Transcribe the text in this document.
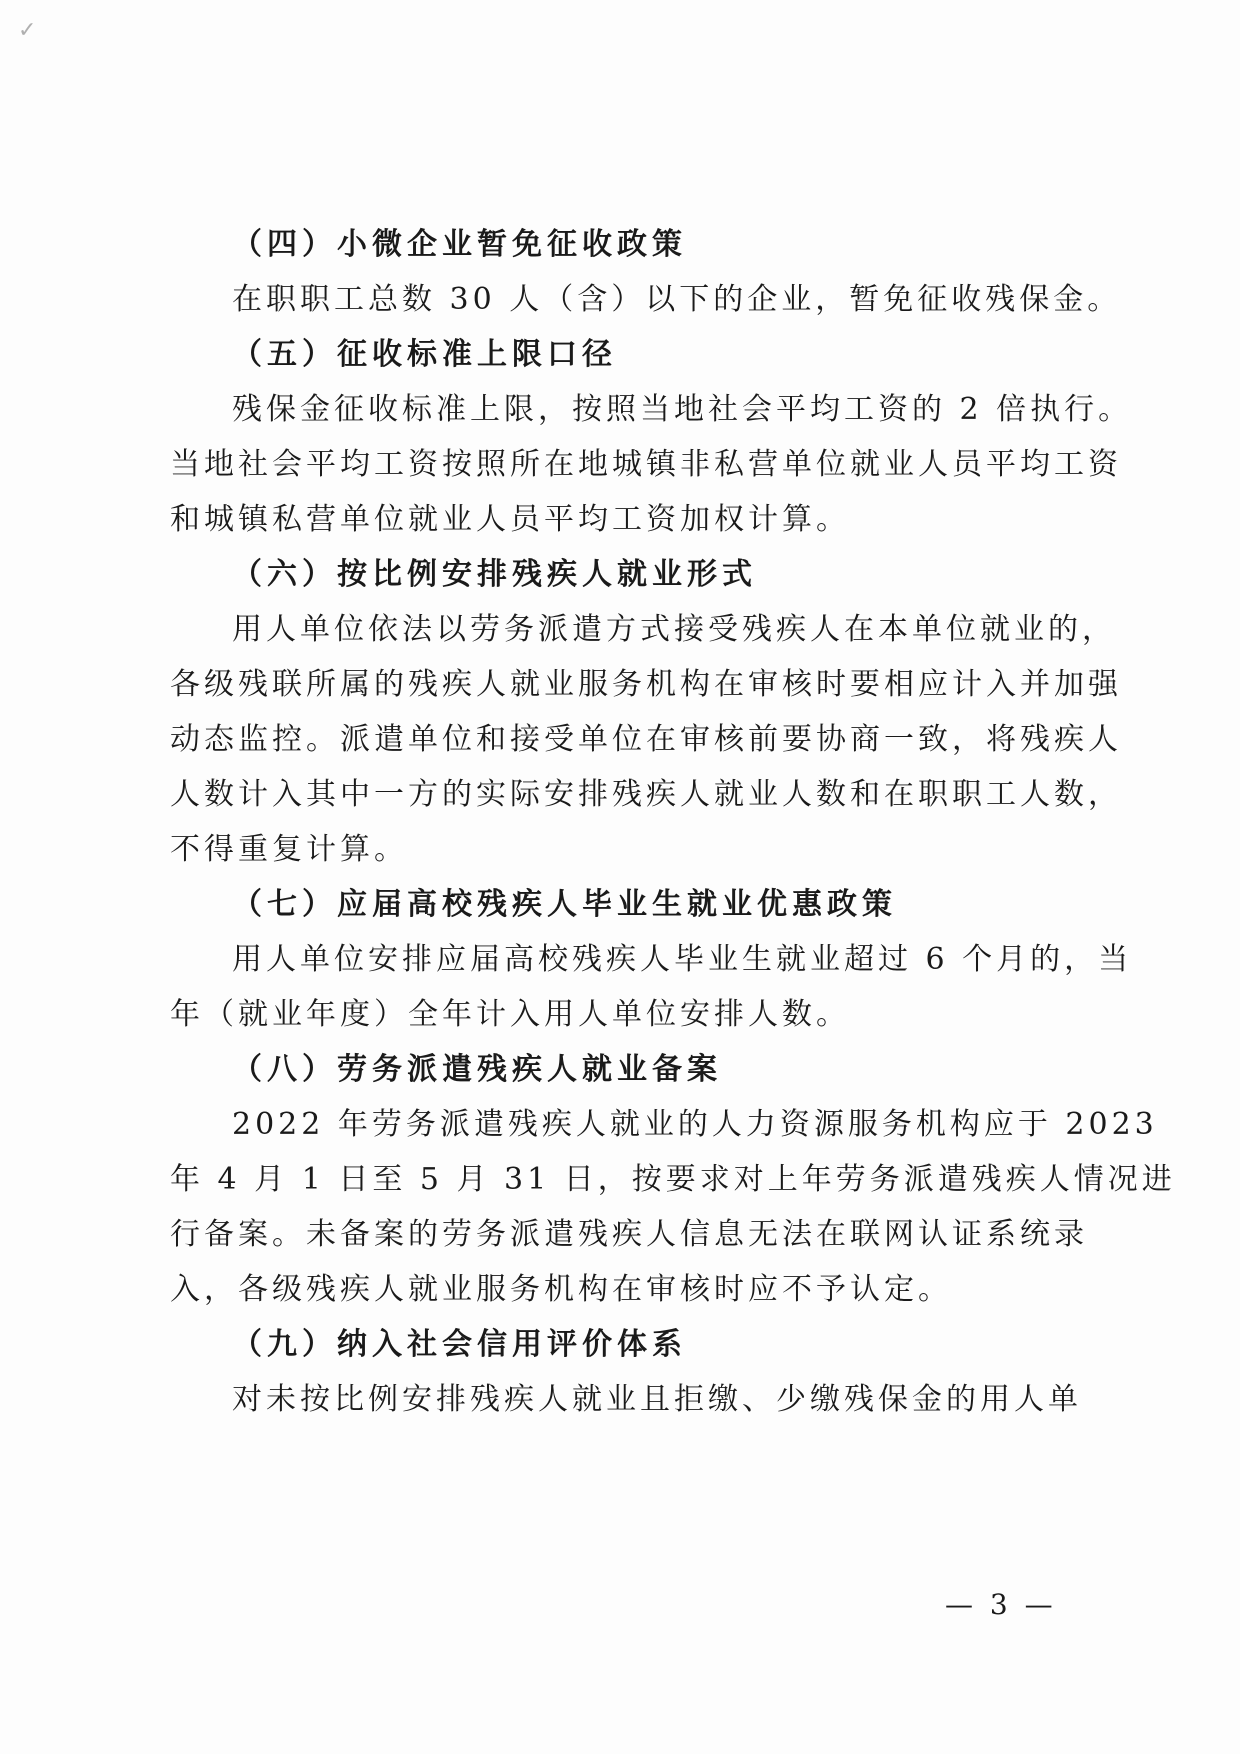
✓
（四）小微企业暂免征收政策
在职职工总数 30 人（含）以下的企业，暂免征收残保金。
（五）征收标准上限口径
残保金征收标准上限，按照当地社会平均工资的 2 倍执行。
当地社会平均工资按照所在地城镇非私营单位就业人员平均工资
和城镇私营单位就业人员平均工资加权计算。
（六）按比例安排残疾人就业形式
用人单位依法以劳务派遣方式接受残疾人在本单位就业的，
各级残联所属的残疾人就业服务机构在审核时要相应计入并加强
动态监控。派遣单位和接受单位在审核前要协商一致，将残疾人
人数计入其中一方的实际安排残疾人就业人数和在职职工人数，
不得重复计算。
（七）应届高校残疾人毕业生就业优惠政策
用人单位安排应届高校残疾人毕业生就业超过 6 个月的，当
年（就业年度）全年计入用人单位安排人数。
（八）劳务派遣残疾人就业备案
2022 年劳务派遣残疾人就业的人力资源服务机构应于 2023
年 4 月 1 日至 5 月 31 日，按要求对上年劳务派遣残疾人情况进
行备案。未备案的劳务派遣残疾人信息无法在联网认证系统录
入，各级残疾人就业服务机构在审核时应不予认定。
（九）纳入社会信用评价体系
对未按比例安排残疾人就业且拒缴、少缴残保金的用人单
— 3 —
